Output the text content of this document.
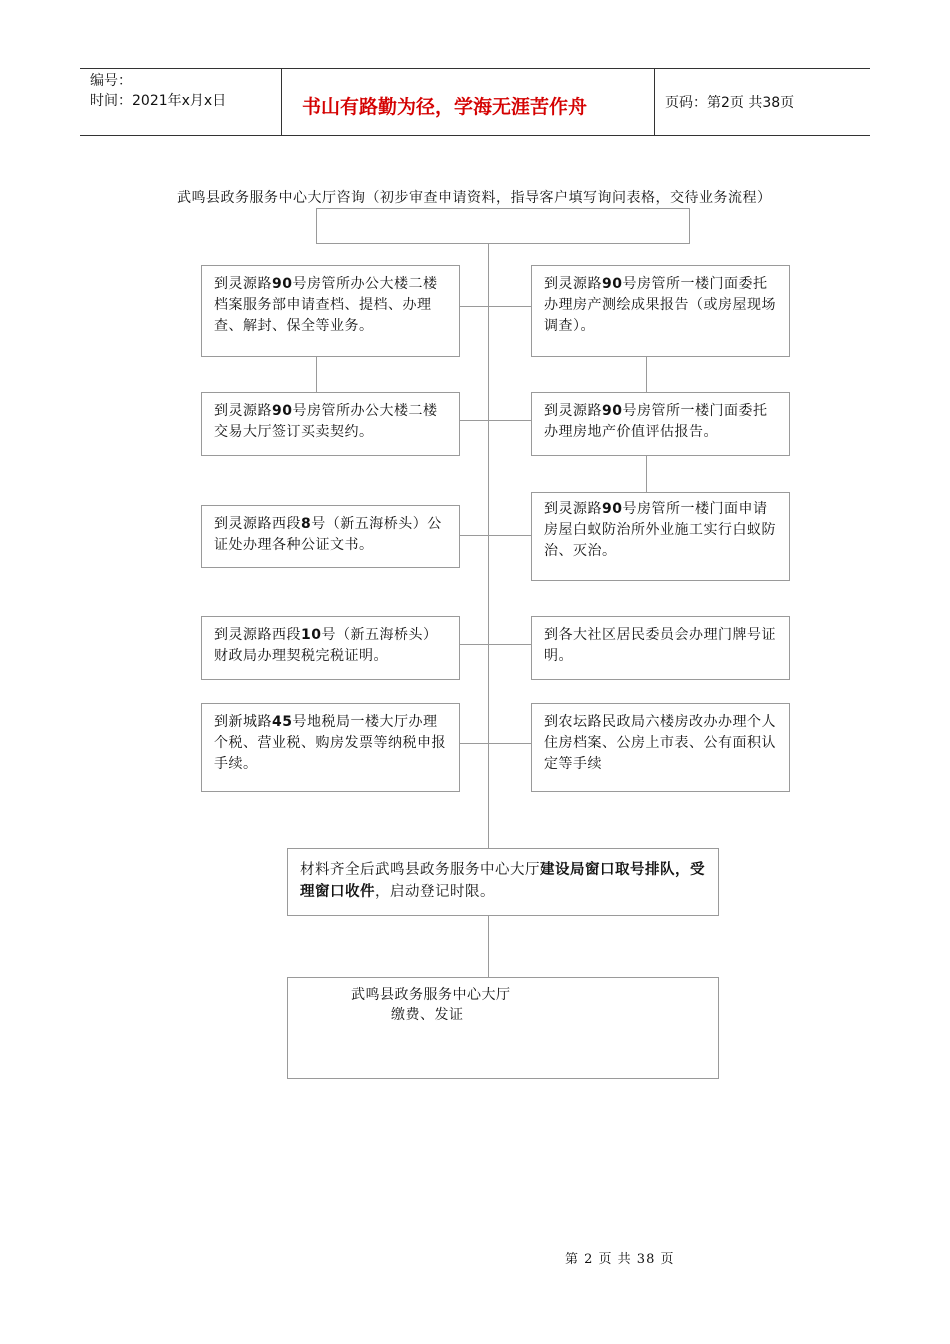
编号：
时间：2021年x月x日	书山有路勤为径，学海无涯苦作舟	页码：第2页 共38页
武鸣县政务服务中心大厅咨询（初步审查申请资料，指导客户填写询问表格，交待业务流程）
到灵源路90号房管所办公大楼二楼档案服务部申请查档、提档、办理查、解封、保全等业务。
到灵源路90号房管所办公大楼二楼交易大厅签订买卖契约。
到灵源路西段8号（新五海桥头）公证处办理各种公证文书。
到灵源路西段10号（新五海桥头）财政局办理契税完税证明。
到新城路45号地税局一楼大厅办理个税、营业税、购房发票等纳税申报手续。
到灵源路90号房管所一楼门面委托办理房产测绘成果报告（或房屋现场调查）。
到灵源路90号房管所一楼门面委托办理房地产价值评估报告。
到灵源路90号房管所一楼门面申请房屋白蚁防治所外业施工实行白蚁防治、灭治。
到各大社区居民委员会办理门牌号证明。
到农坛路民政局六楼房改办办理个人住房档案、公房上市表、公有面积认定等手续
材料齐全后武鸣县政务服务中心大厅建设局窗口取号排队，受理窗口收件，启动登记时限。
武鸣县政务服务中心大厅
缴费、发证
第 2 页 共 38 页
